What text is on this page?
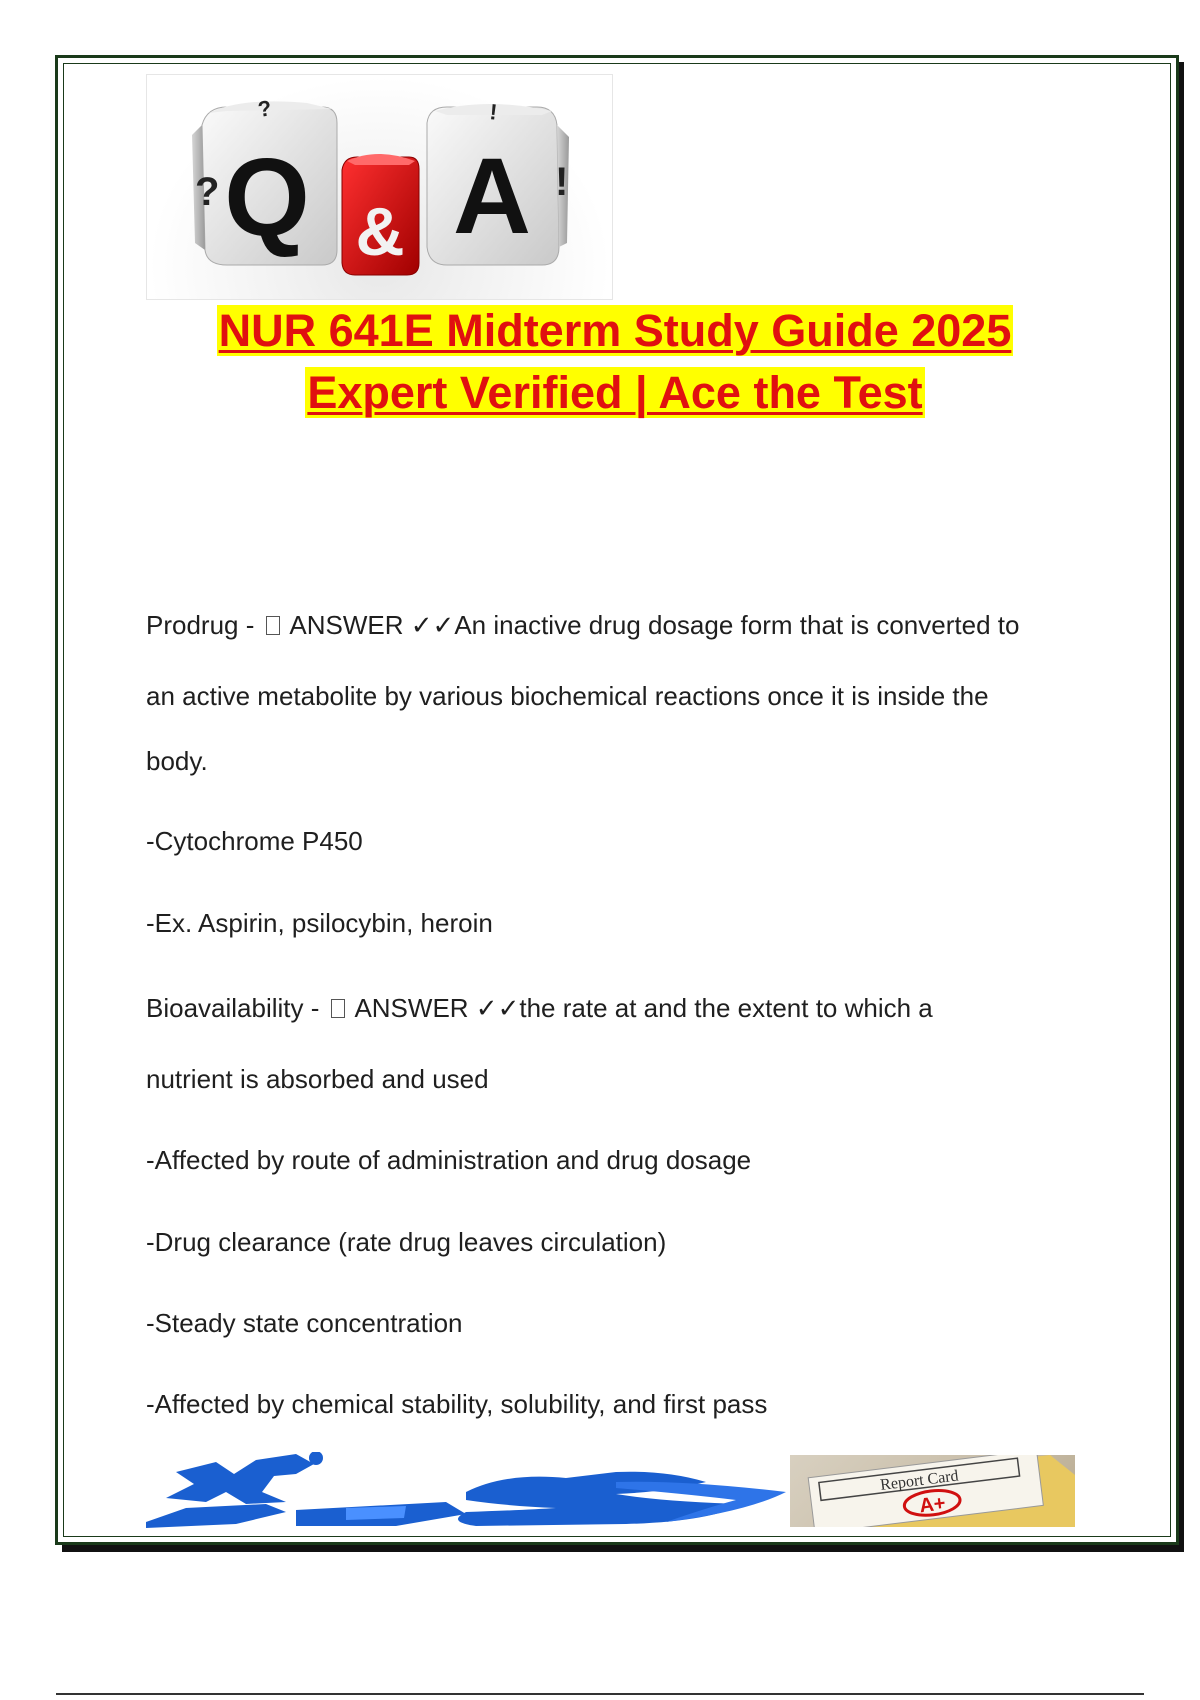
Q
?
?
& A !
!
NUR 641E Midterm Study Guide 2025
Expert Verified | Ace the Test
Prodrug -  ANSWER ✓✓An inactive drug dosage form that is converted to
an active metabolite by various biochemical reactions once it is inside the
body.
-Cytochrome P450
-Ex. Aspirin, psilocybin, heroin
Bioavailability -  ANSWER ✓✓the rate at and the extent to which a
nutrient is absorbed and used
-Affected by route of administration and drug dosage
-Drug clearance (rate drug leaves circulation)
-Steady state concentration
-Affected by chemical stability, solubility, and first pass
Report Card
A+
